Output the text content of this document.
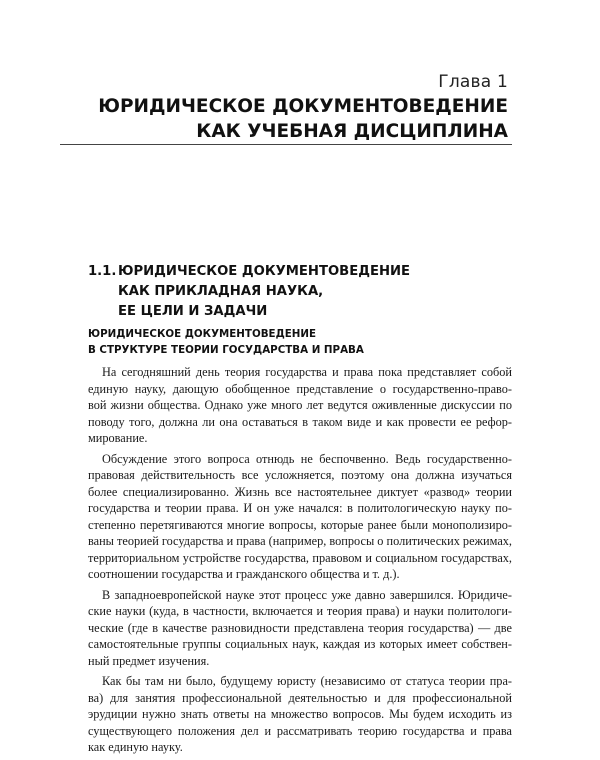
Глава 1
ЮРИДИЧЕСКОЕ ДОКУМЕНТОВЕДЕНИЕ
КАК УЧЕБНАЯ ДИСЦИПЛИНА
1.1. ЮРИДИЧЕСКОЕ ДОКУМЕНТОВЕДЕНИЕ
КАК ПРИКЛАДНАЯ НАУКА,
ЕЕ ЦЕЛИ И ЗАДАЧИ
ЮРИДИЧЕСКОЕ ДОКУМЕНТОВЕДЕНИЕ
В СТРУКТУРЕ ТЕОРИИ ГОСУДАРСТВА И ПРАВА
На сегодняшний день теория государства и права пока представляет собой
единую науку, дающую обобщенное представление о государственно-право-
вой жизни общества. Однако уже много лет ведутся оживленные дискуссии по
поводу того, должна ли она оставаться в таком виде и как провести ее рефор-
мирование.
Обсуждение этого вопроса отнюдь не беспочвенно. Ведь государственно-
правовая действительность все усложняется, поэтому она должна изучаться
более специализированно. Жизнь все настоятельнее диктует «развод» теории
государства и теории права. И он уже начался: в политологическую науку по-
степенно перетягиваются многие вопросы, которые ранее были монополизиро-
ваны теорией государства и права (например, вопросы о политических режимах,
территориальном устройстве государства, правовом и социальном государствах,
соотношении государства и гражданского общества и т. д.).
В западноевропейской науке этот процесс уже давно завершился. Юридиче-
ские науки (куда, в частности, включается и теория права) и науки политологи-
ческие (где в качестве разновидности представлена теория государства) — две
самостоятельные группы социальных наук, каждая из которых имеет собствен-
ный предмет изучения.
Как бы там ни было, будущему юристу (независимо от статуса теории пра-
ва) для занятия профессиональной деятельностью и для профессиональной
эрудиции нужно знать ответы на множество вопросов. Мы будем исходить из
существующего положения дел и рассматривать теорию государства и права
как единую науку.
